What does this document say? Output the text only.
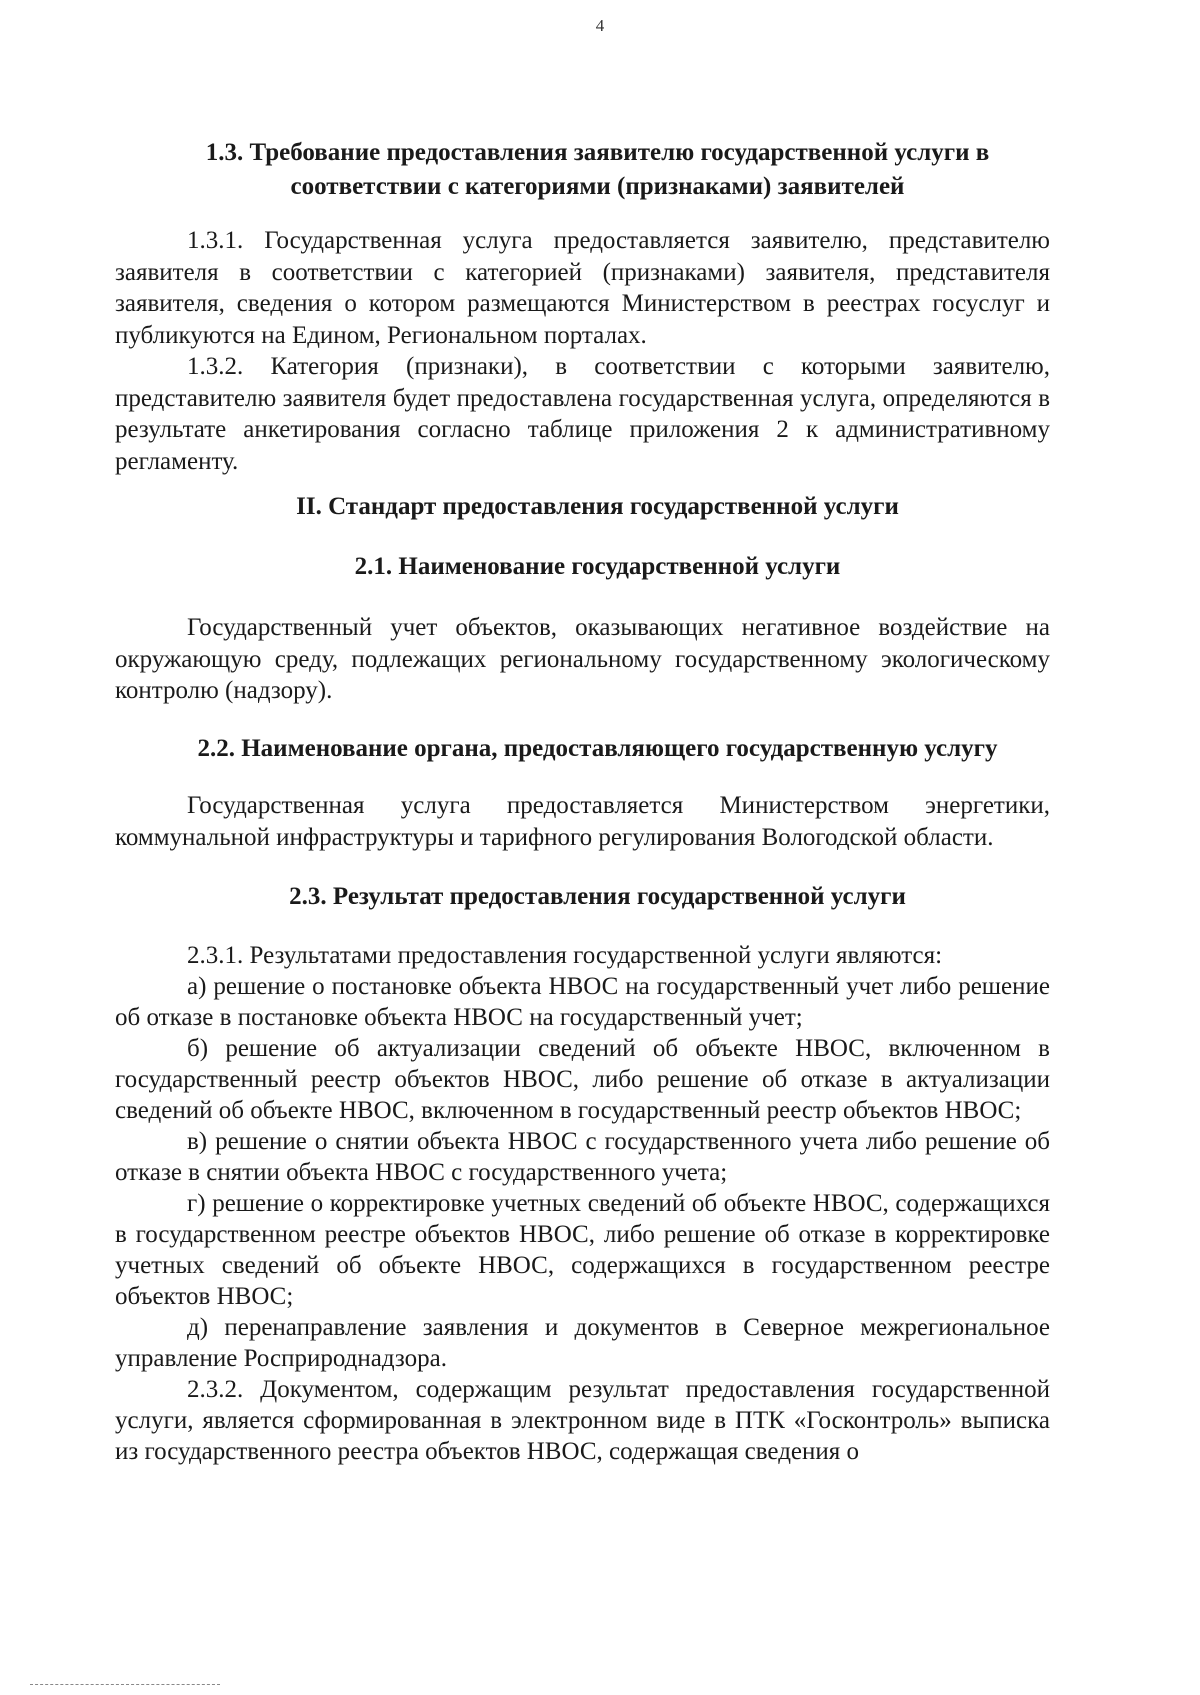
4
1.3. Требование предоставления заявителю государственной услуги в
соответствии с категориями (признаками) заявителей

1.3.1. Государственная услуга предоставляется заявителю, представителю заявителя в соответствии с категорией (признаками) заявителя, представителя заявителя, сведения о котором размещаются Министерством в реестрах госуслуг и публикуются на Едином, Региональном порталах.

1.3.2. Категория (признаки), в соответствии с которыми заявителю, представителю заявителя будет предоставлена государственная услуга, определяются в результате анкетирования согласно таблице приложения 2 к административному регламенту.

II. Стандарт предоставления государственной услуги
2.1. Наименование государственной услуги

Государственный учет объектов, оказывающих негативное воздействие на окружающую среду, подлежащих региональному государственному экологическому контролю (надзору).

2.2. Наименование органа, предоставляющего государственную услугу

Государственная услуга предоставляется Министерством энергетики, коммунальной инфраструктуры и тарифного регулирования Вологодской области.

2.3. Результат предоставления государственной услуги

2.3.1. Результатами предоставления государственной услуги являются:

а) решение о постановке объекта НВОС на государственный учет либо решение об отказе в постановке объекта НВОС на государственный учет;

б) решение об актуализации сведений об объекте НВОС, включенном в государственный реестр объектов НВОС, либо решение об отказе в актуализации сведений об объекте НВОС, включенном в государственный реестр объектов НВОС;

в) решение о снятии объекта НВОС с государственного учета либо решение об отказе в снятии объекта НВОС с государственного учета;

г) решение о корректировке учетных сведений об объекте НВОС, содержащихся в государственном реестре объектов НВОС, либо решение об отказе в корректировке учетных сведений об объекте НВОС, содержащихся в государственном реестре объектов НВОС;

д) перенаправление заявления и документов в Северное межрегиональное управление Росприроднадзора.

2.3.2. Документом, содержащим результат предоставления государственной услуги, является сформированная в электронном виде в ПТК «Госконтроль» выписка из государственного реестра объектов НВОС, содержащая сведения о
